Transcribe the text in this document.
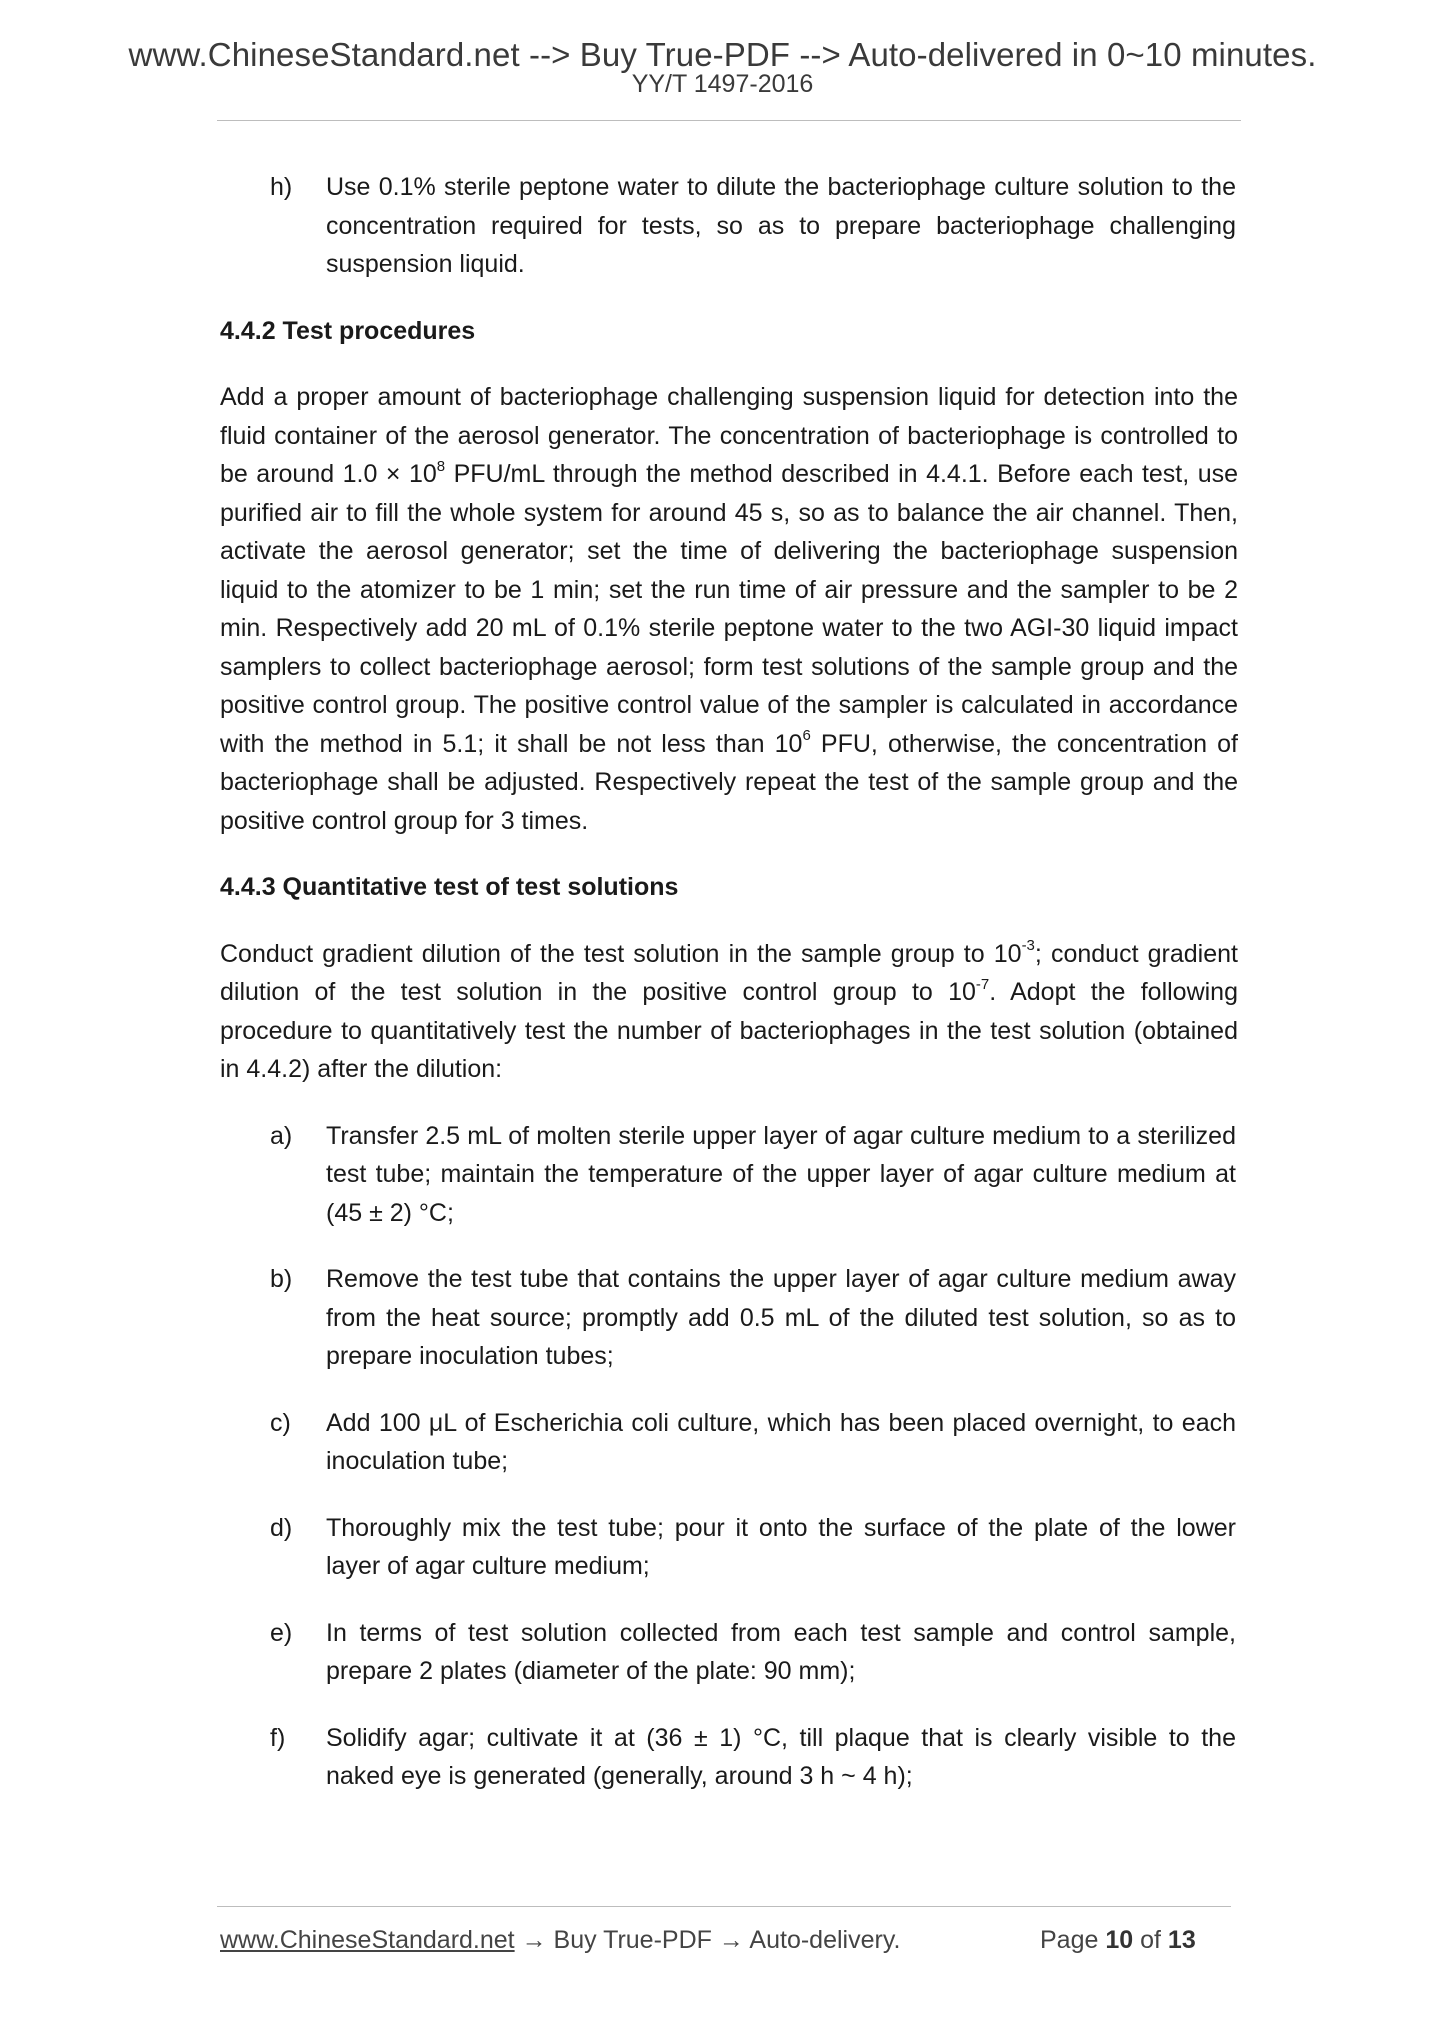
www.ChineseStandard.net --> Buy True-PDF --> Auto-delivered in 0~10 minutes.
YY/T 1497-2016
h)	Use 0.1% sterile peptone water to dilute the bacteriophage culture solution to the concentration required for tests, so as to prepare bacteriophage challenging suspension liquid.
4.4.2 Test procedures

Add a proper amount of bacteriophage challenging suspension liquid for detection into the fluid container of the aerosol generator. The concentration of bacteriophage is controlled to be around $1.0 \times 10^8$ PFU/mL through the method described in 4.4.1. Before each test, use purified air to fill the whole system for around 45 s, so as to balance the air channel. Then, activate the aerosol generator; set the time of delivering the bacteriophage suspension liquid to the atomizer to be 1 min; set the run time of air pressure and the sampler to be 2 min. Respectively add 20 mL of 0.1% sterile peptone water to the two AGI-30 liquid impact samplers to collect bacteriophage aerosol; form test solutions of the sample group and the positive control group. The positive control value of the sampler is calculated in accordance with the method in 5.1; it shall be not less than $10^6$ PFU, otherwise, the concentration of bacteriophage shall be adjusted. Respectively repeat the test of the sample group and the positive control group for 3 times.

4.4.3 Quantitative test of test solutions

Conduct gradient dilution of the test solution in the sample group to $10^{-3}$; conduct gradient dilution of the test solution in the positive control group to $10^{-7}$. Adopt the following procedure to quantitatively test the number of bacteriophages in the test solution (obtained in 4.4.2) after the dilution:

a)	Transfer 2.5 mL of molten sterile upper layer of agar culture medium to a sterilized test tube; maintain the temperature of the upper layer of agar culture medium at (45 ± 2) °C;
b)	Remove the test tube that contains the upper layer of agar culture medium away from the heat source; promptly add 0.5 mL of the diluted test solution, so as to prepare inoculation tubes;
c)	Add 100 μL of Escherichia coli culture, which has been placed overnight, to each inoculation tube;
d)	Thoroughly mix the test tube; pour it onto the surface of the plate of the lower layer of agar culture medium;
e)	In terms of test solution collected from each test sample and control sample, prepare 2 plates (diameter of the plate: 90 mm);
f)	Solidify agar; cultivate it at (36 ± 1) °C, till plaque that is clearly visible to the naked eye is generated (generally, around 3 h ~ 4 h);
www.ChineseStandard.net → Buy True-PDF → Auto-delivery.	Page 10 of 13
